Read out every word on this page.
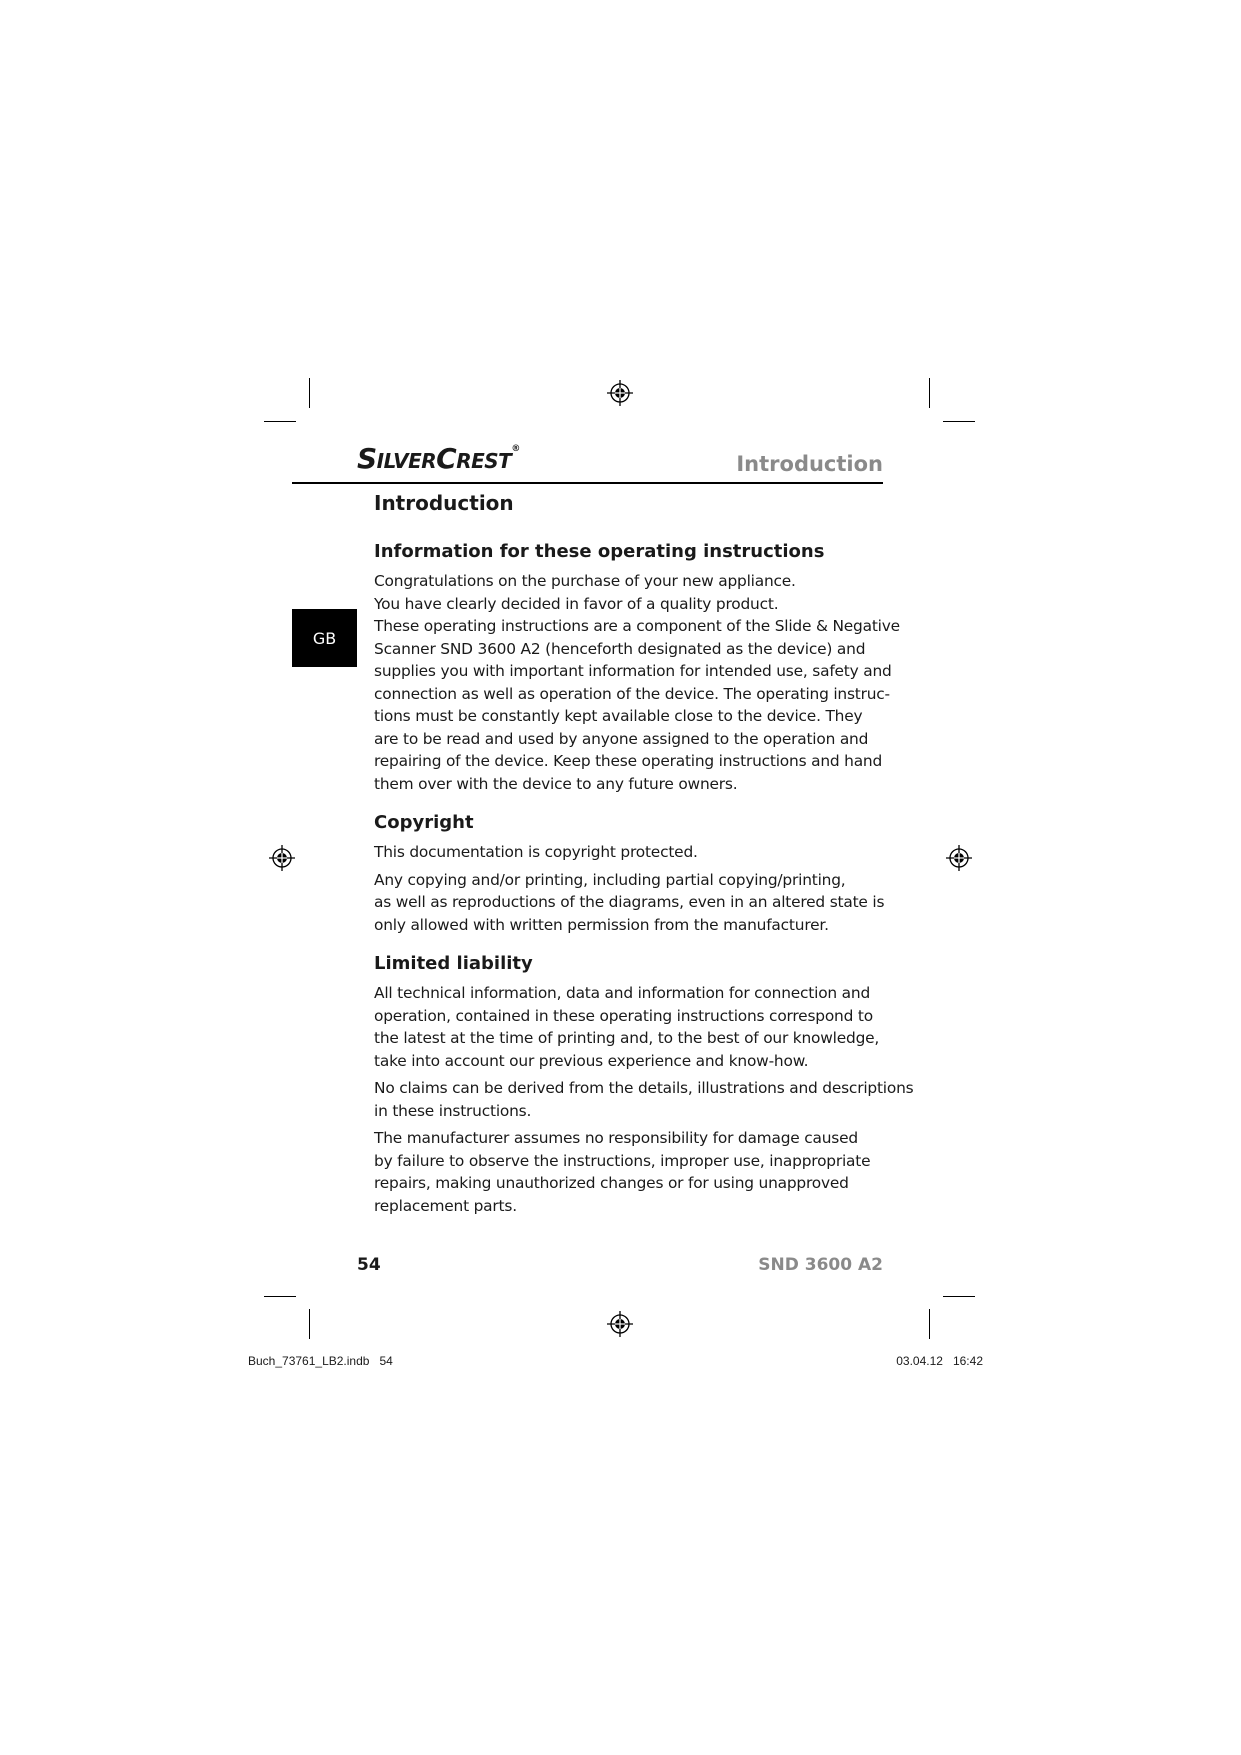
SILVERCREST®
Introduction
GB
Introduction
Information for these operating instructions

Congratulations on the purchase of your new appliance.

You have clearly decided in favor of a quality product.

These operating instructions are a component of the Slide & Negative

Scanner SND 3600 A2 (henceforth designated as the device) and

supplies you with important information for intended use, safety and

connection as well as operation of the device. The operating instruc-

tions must be constantly kept available close to the device. They

are to be read and used by anyone assigned to the operation and

repairing of the device. Keep these operating instructions and hand

them over with the device to any future owners.

Copyright

This documentation is copyright protected.

Any copying and/or printing, including partial copying/printing,

as well as reproductions of the diagrams, even in an altered state is

only allowed with written permission from the manufacturer.

Limited liability

All technical information, data and information for connection and

operation, contained in these operating instructions correspond to

the latest at the time of printing and, to the best of our knowledge,

take into account our previous experience and know-how.

No claims can be derived from the details, illustrations and descriptions

in these instructions.

The manufacturer assumes no responsibility for damage caused

by failure to observe the instructions, improper use, inappropriate

repairs, making unauthorized changes or for using unapproved

replacement parts.

54	SND 3600 A2
Buch_73761_LB2.indb   54	03.04.12   16:42
